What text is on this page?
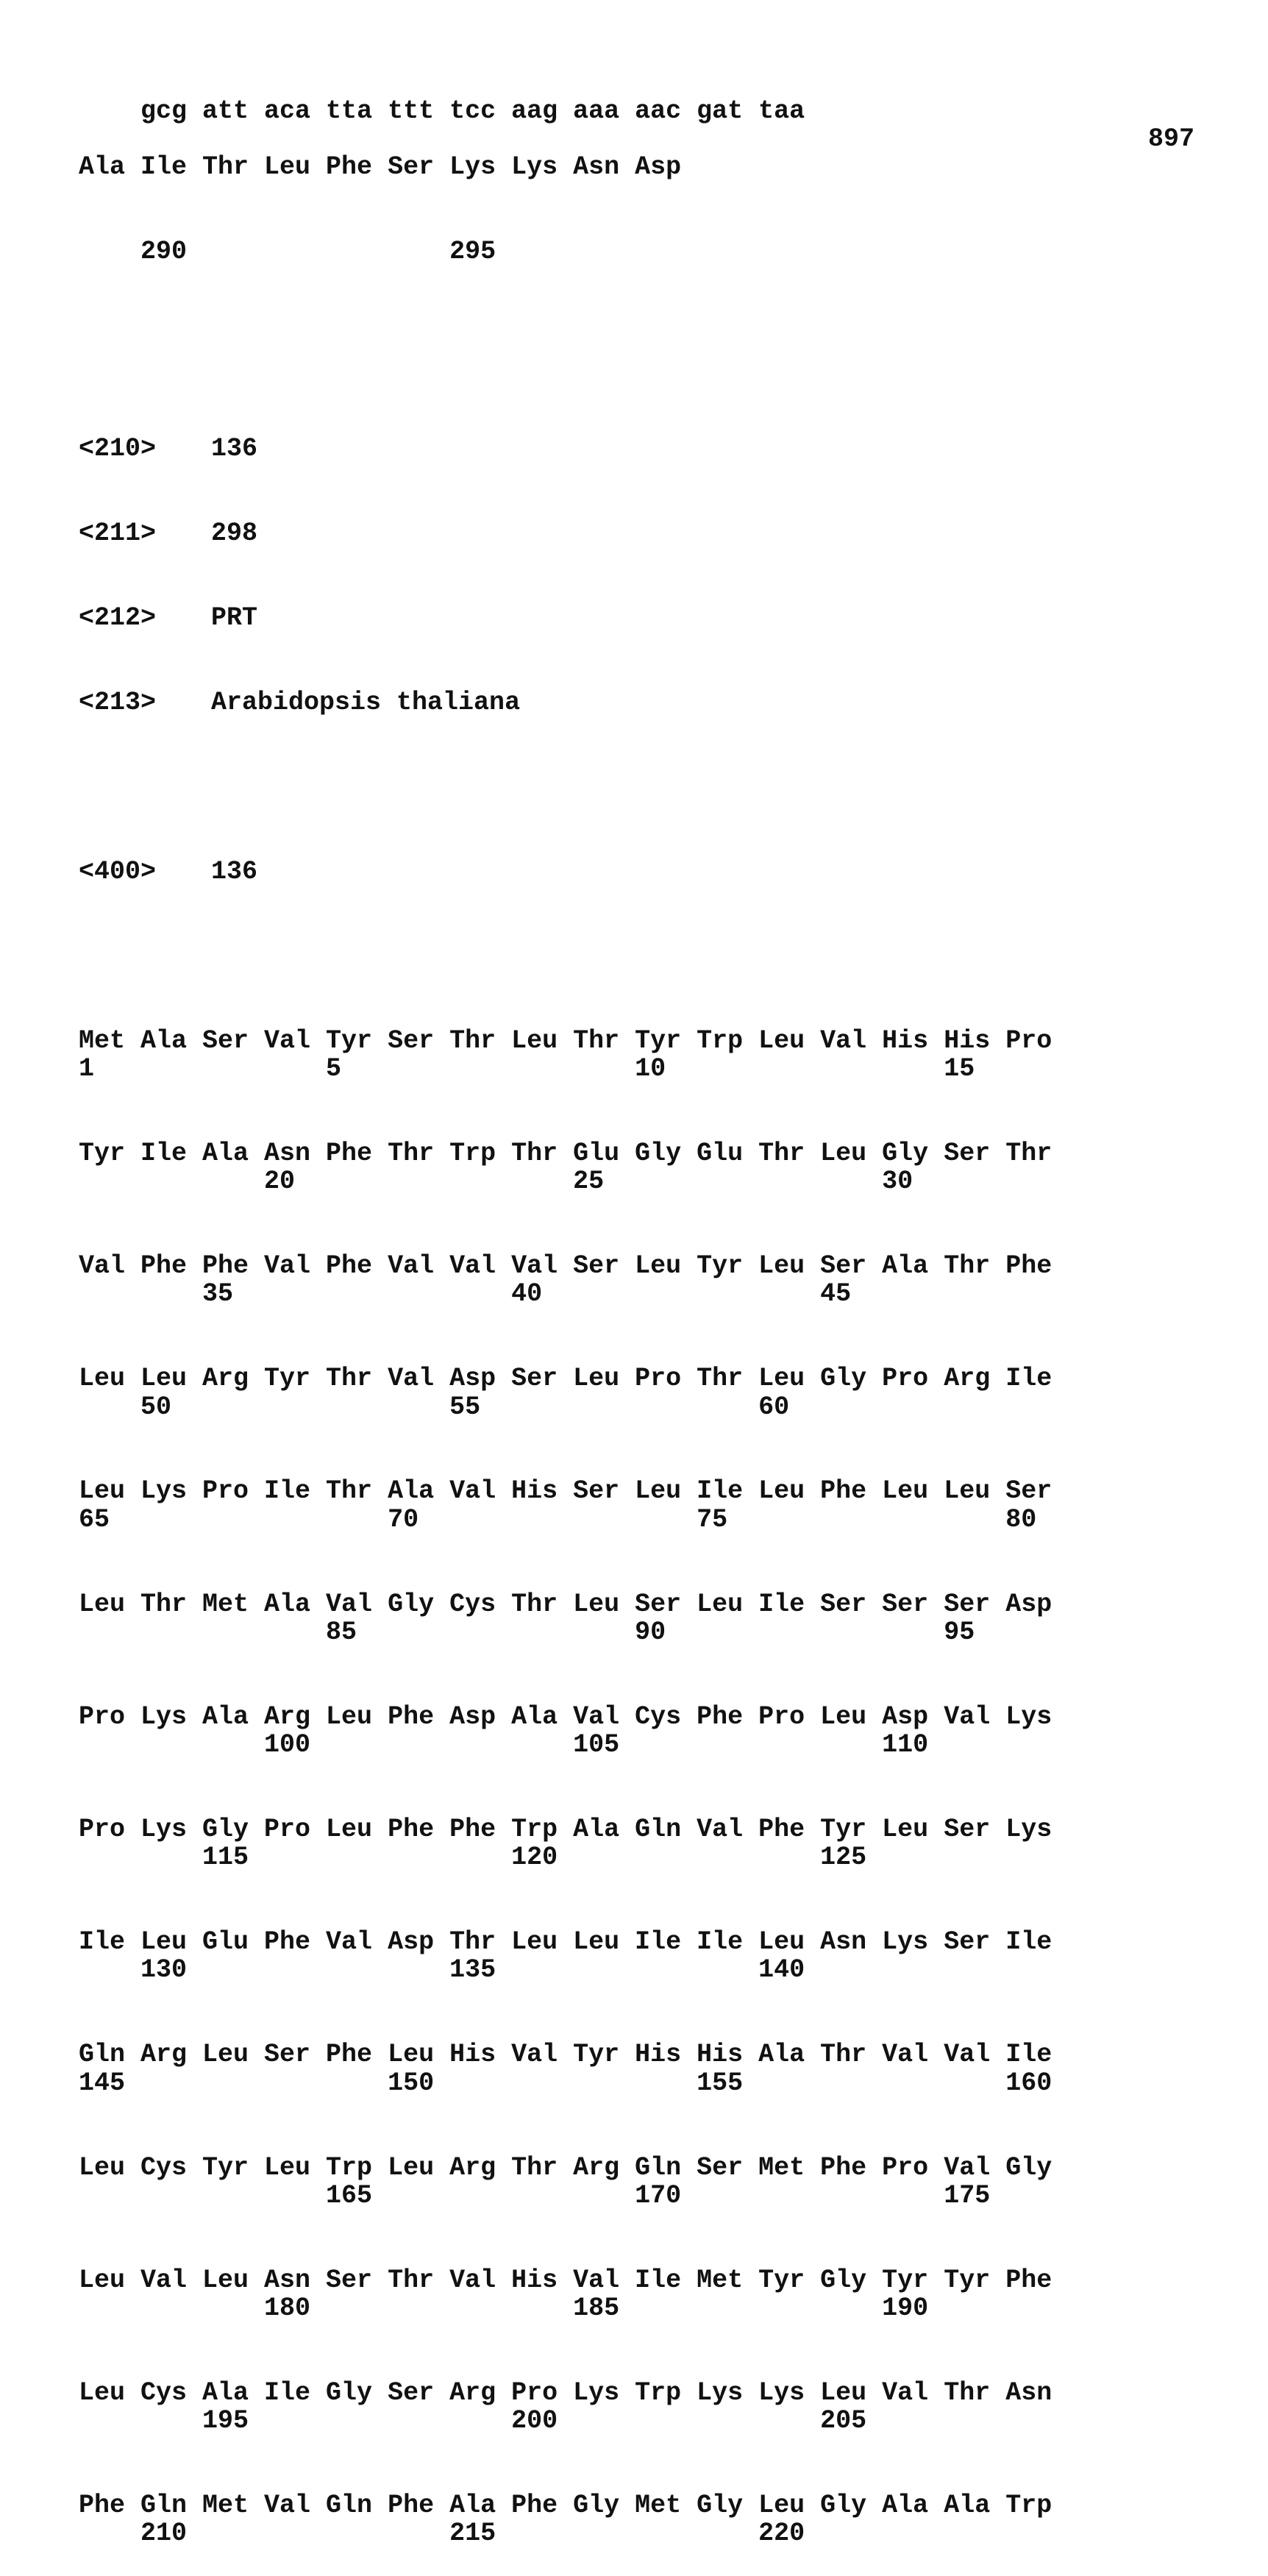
gcg att aca tta ttt tcc aag aaa aac gat taa

897

Ala Ile Thr Leu Phe Ser Lys Lys Asn Asp

290                 295

<210> 136

<211> 298

<212> PRT

<213> Arabidopsis thaliana

<400> 136

Met Ala Ser Val Tyr Ser Thr Leu Thr Tyr Trp Leu Val His His Pro
1               5                   10                  15
Tyr Ile Ala Asn Phe Thr Trp Thr Glu Gly Glu Thr Leu Gly Ser Thr
20                  25                  30
Val Phe Phe Val Phe Val Val Val Ser Leu Tyr Leu Ser Ala Thr Phe
35                  40                  45
Leu Leu Arg Tyr Thr Val Asp Ser Leu Pro Thr Leu Gly Pro Arg Ile
50                  55                  60
Leu Lys Pro Ile Thr Ala Val His Ser Leu Ile Leu Phe Leu Leu Ser
65                  70                  75                  80
Leu Thr Met Ala Val Gly Cys Thr Leu Ser Leu Ile Ser Ser Ser Asp
85                  90                  95
Pro Lys Ala Arg Leu Phe Asp Ala Val Cys Phe Pro Leu Asp Val Lys
100                 105                 110
Pro Lys Gly Pro Leu Phe Phe Trp Ala Gln Val Phe Tyr Leu Ser Lys
115                 120                 125
Ile Leu Glu Phe Val Asp Thr Leu Leu Ile Ile Leu Asn Lys Ser Ile
130                 135                 140
Gln Arg Leu Ser Phe Leu His Val Tyr His His Ala Thr Val Val Ile
145                 150                 155                 160
Leu Cys Tyr Leu Trp Leu Arg Thr Arg Gln Ser Met Phe Pro Val Gly
165                 170                 175
Leu Val Leu Asn Ser Thr Val His Val Ile Met Tyr Gly Tyr Tyr Phe
180                 185                 190
Leu Cys Ala Ile Gly Ser Arg Pro Lys Trp Lys Lys Leu Val Thr Asn
195                 200                 205
Phe Gln Met Val Gln Phe Ala Phe Gly Met Gly Leu Gly Ala Ala Trp
210                 215                 220
